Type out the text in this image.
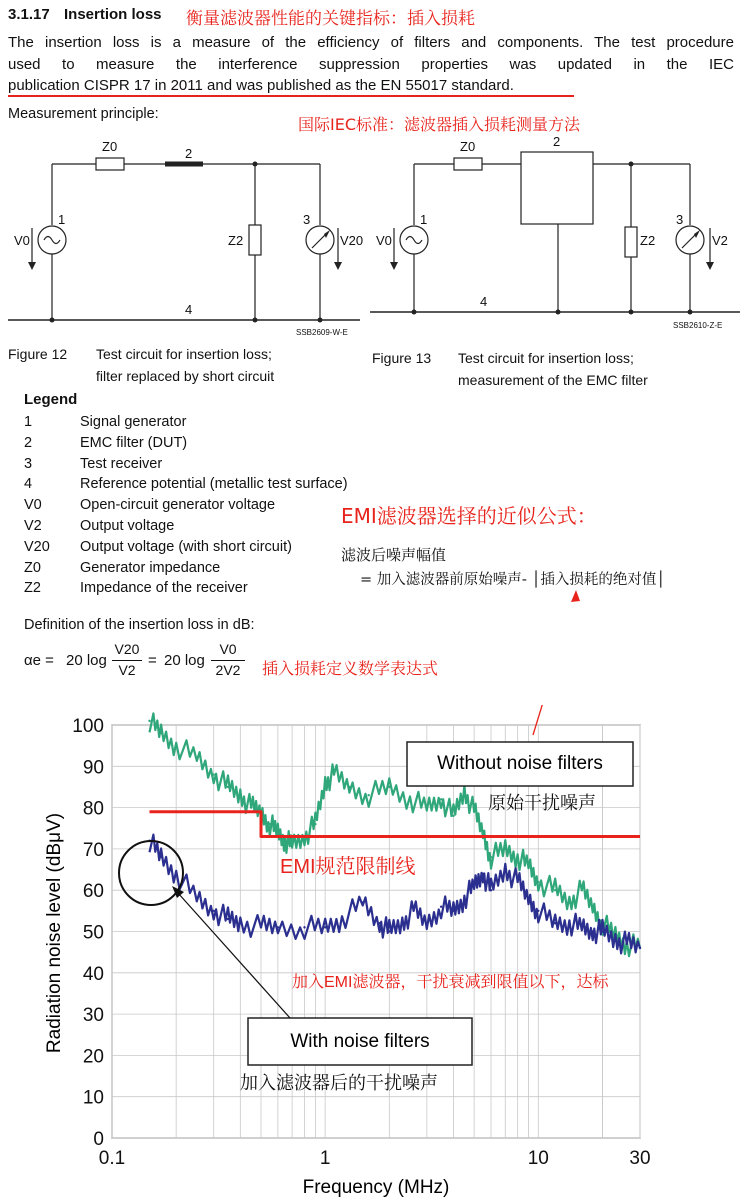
3.1.17 Insertion loss 衡量滤波器性能的关键指标：插入损耗
The insertion loss is a measure of the efficiency of filters and components. The test procedure
used to measure the interference suppression properties was updated in the IEC
publication CISPR 17 in 2011 and was published as the EN 55017 standard.
Measurement principle:
国际IEC标准：滤波器插入损耗测量方法
Z0	2
1	3
4
V0	Z2	V20
SSB2609-W-E
Figure 12 Test circuit for insertion loss;
filter replaced by short circuit
Z0	2
1	3
4
V0	Z2	V2
SSB2610-Z-E
Figure 13 Test circuit for insertion loss;
measurement of the EMC filter
Legend
1	Signal generator
2	EMC filter (DUT)
3	Test receiver
4	Reference potential (metallic test surface)
V0	Open-circuit generator voltage
V2	Output voltage
V20 Output voltage (with short circuit)
Z0	Generator impedance
Z2	Impedance of the receiver
EMI滤波器选择的近似公式：
滤波后噪声幅值
= 加入滤波器前原始噪声- │插入损耗的绝对值│
Definition of the insertion loss in dB:
αe = 20 log
V20
V2
= 20 log
V0
2V2 插入损耗定义数学表达式
100
90
80
70
60
50
40
30
20
10
0
0.1	1	10	30
Radiation noise level (dBμV)
Frequency (MHz)
Without noise filters
With noise filters
原始干扰噪声
EMI规范限制线
加入EMI滤波器，干扰衰减到限值以下，达标
加入滤波器后的干扰噪声
